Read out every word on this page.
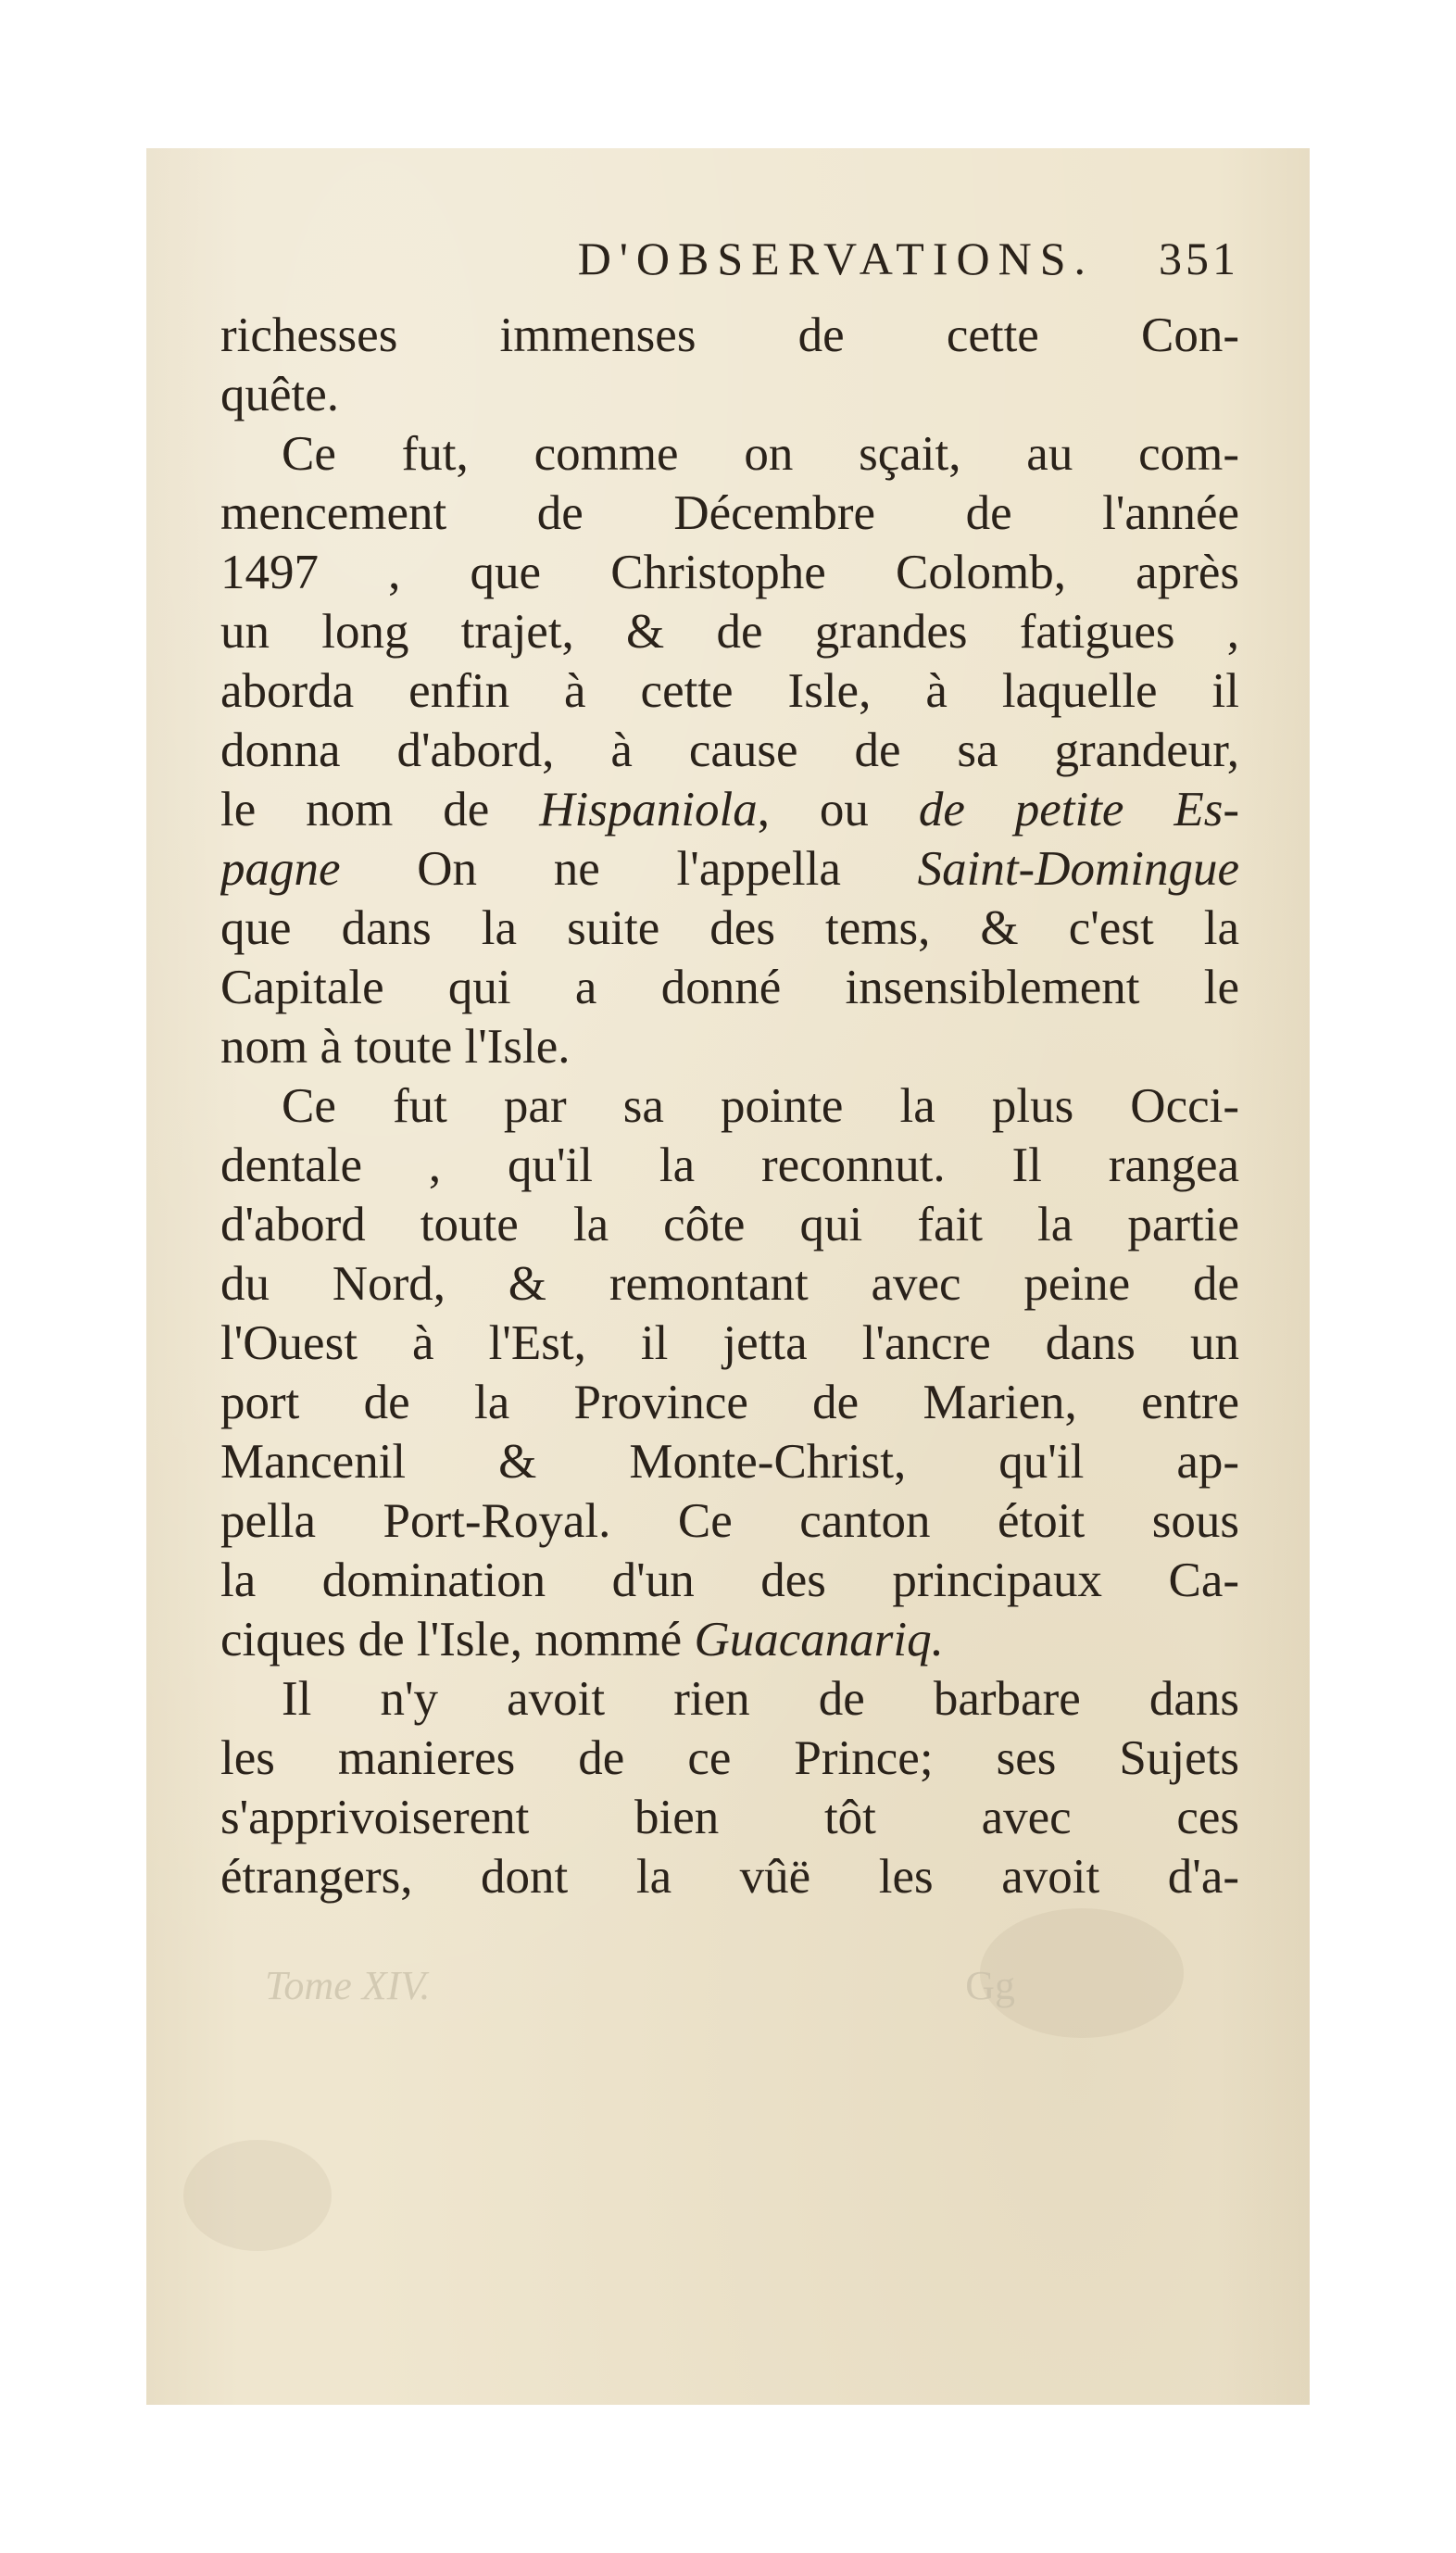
D'OBSERVATIONS. 351
richesses immenses de cette Con-
quête.
Ce fut, comme on sçait, au com-
mencement de Décembre de l'année
1497 , que Christophe Colomb, après
un long trajet, & de grandes fatigues ,
aborda enfin à cette Isle, à laquelle il
donna d'abord, à cause de sa grandeur,
le nom de Hispaniola, ou de petite Es-
pagne On ne l'appella Saint-Domingue
que dans la suite des tems, & c'est la
Capitale qui a donné insensiblement le
nom à toute l'Isle.
Ce fut par sa pointe la plus Occi-
dentale , qu'il la reconnut. Il rangea
d'abord toute la côte qui fait la partie
du Nord, & remontant avec peine de
l'Ouest à l'Est, il jetta l'ancre dans un
port de la Province de Marien, entre
Mancenil & Monte-Christ, qu'il ap-
pella Port-Royal. Ce canton étoit sous
la domination d'un des principaux Ca-
ciques de l'Isle, nommé Guacanariq.
Il n'y avoit rien de barbare dans
les manieres de ce Prince; ses Sujets
s'apprivoiserent bien tôt avec ces
étrangers, dont la vûë les avoit d'a-
Tome XIV.	Gg
